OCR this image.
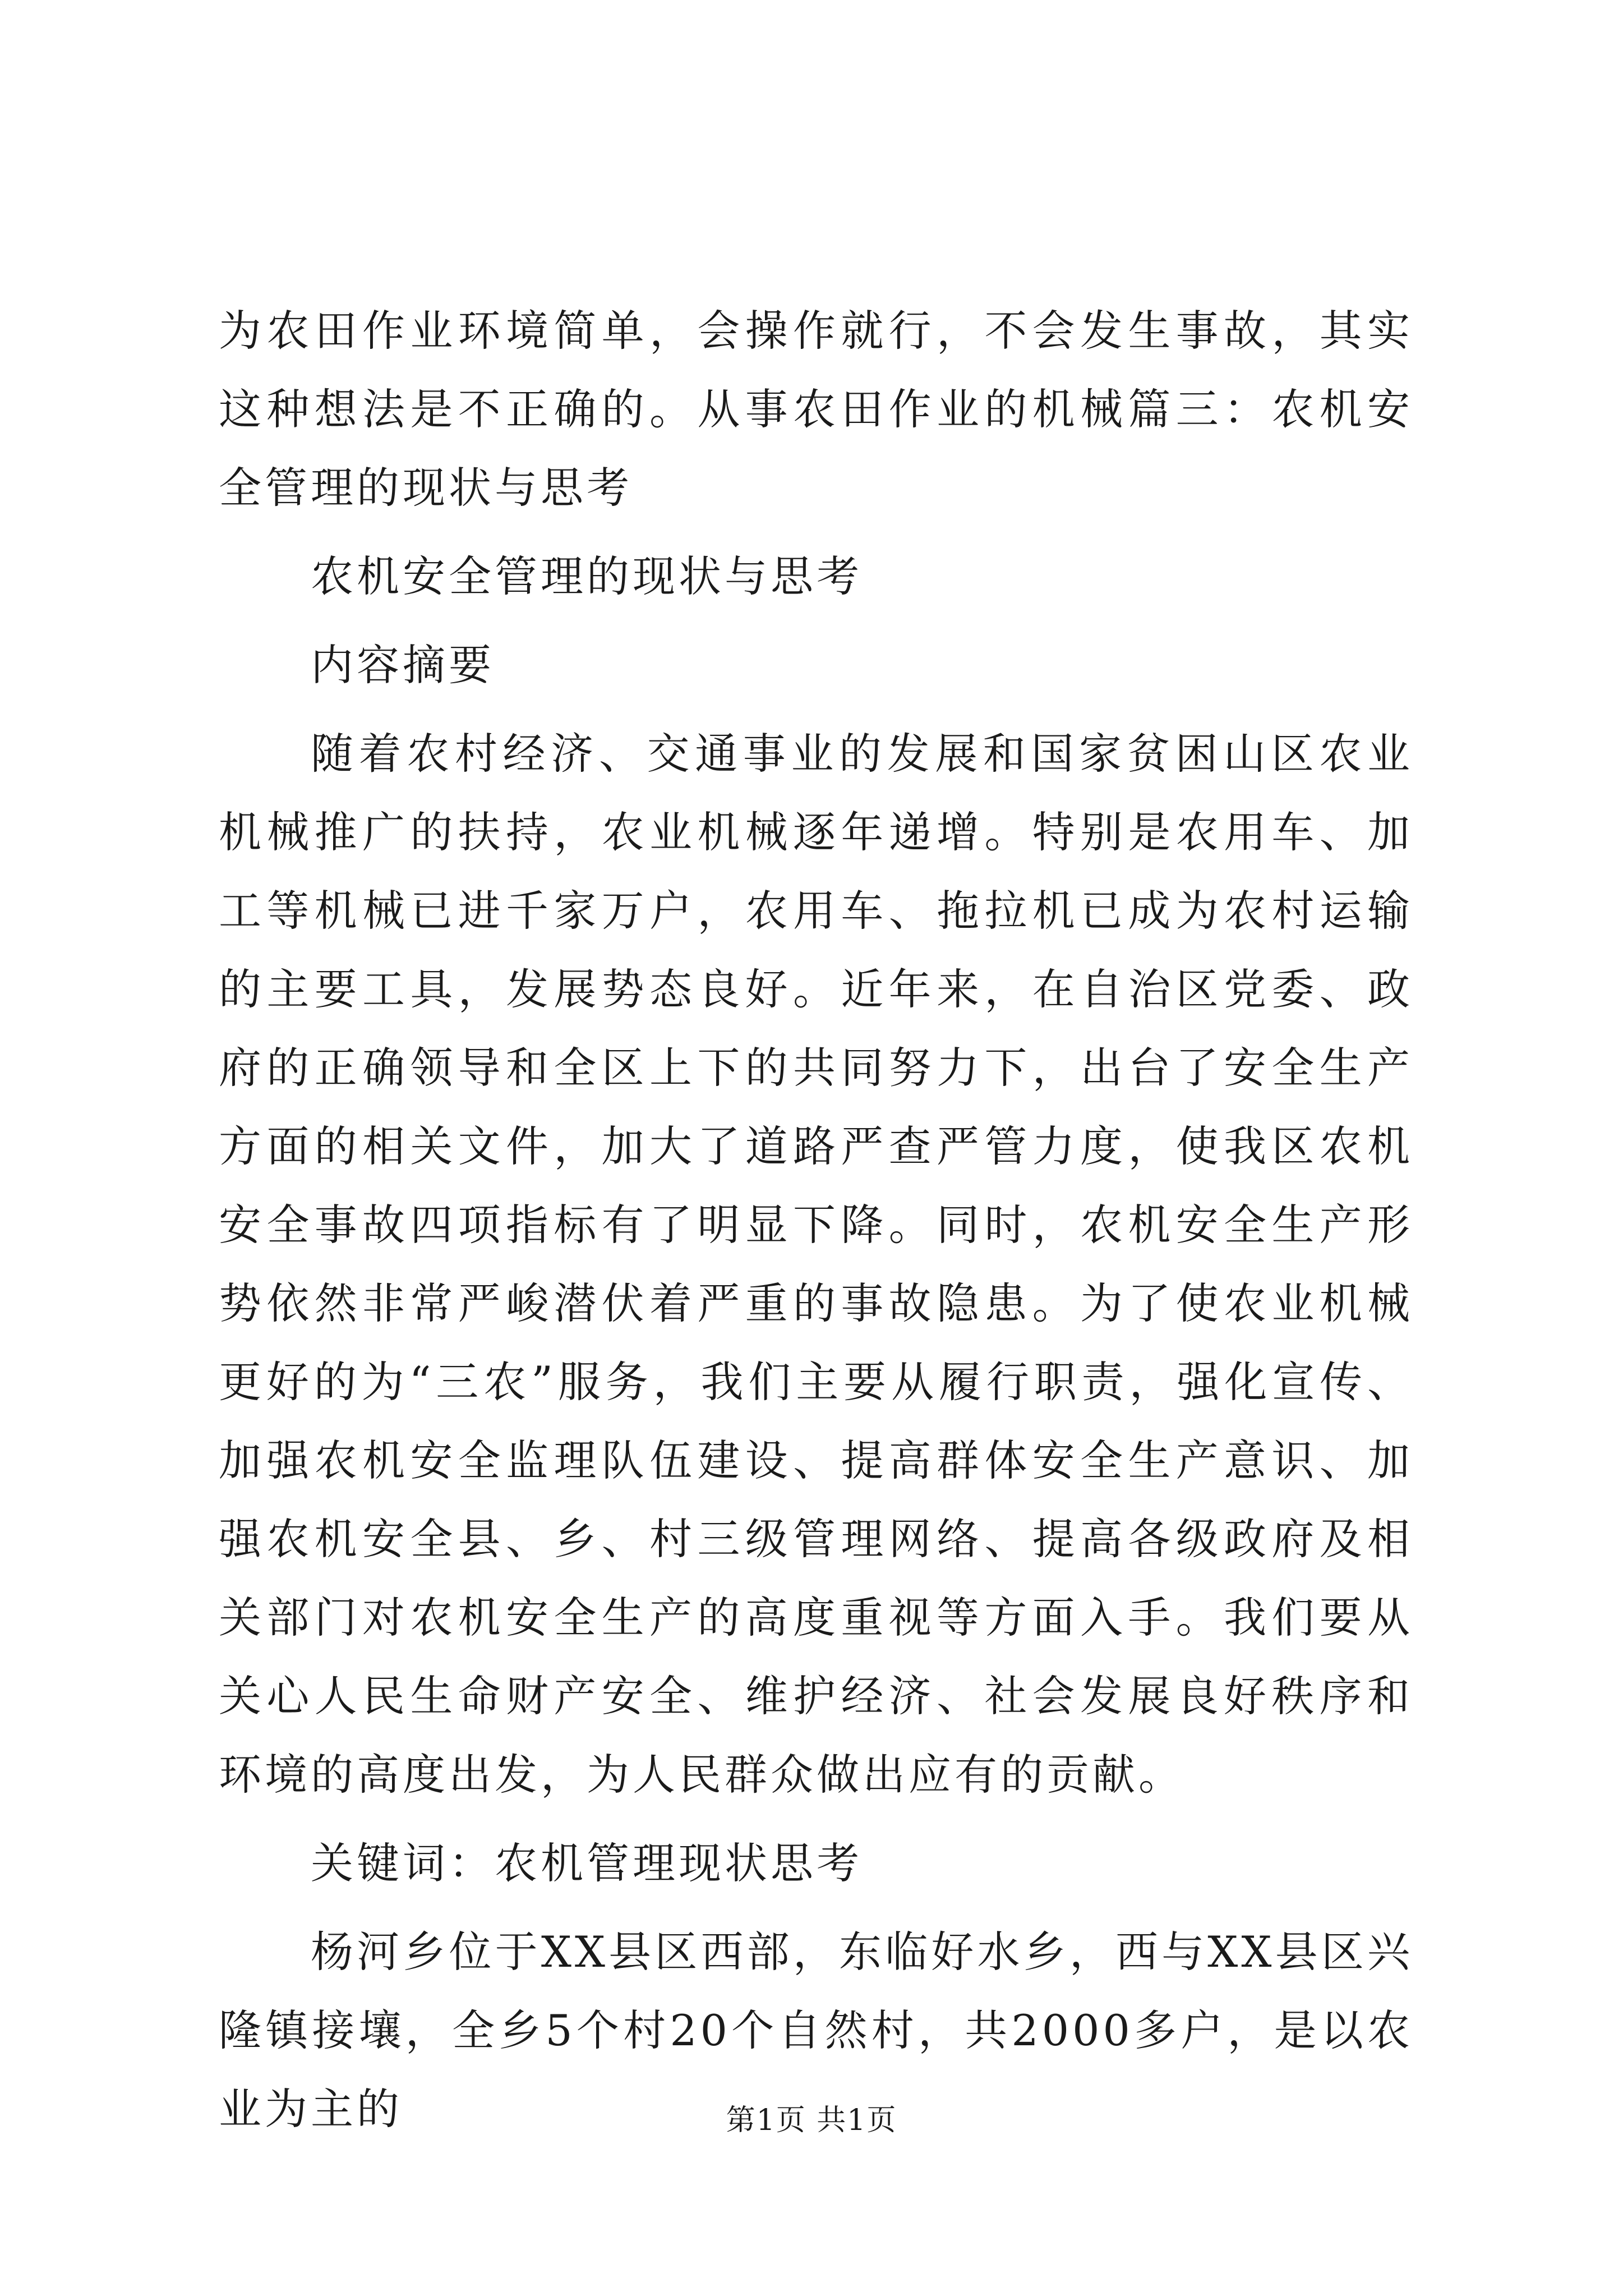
为农田作业环境简单，会操作就行，不会发生事故，其实这种想法是不正确的。从事农田作业的机械篇三：农机安全管理的现状与思考

农机安全管理的现状与思考

内容摘要

随着农村经济、交通事业的发展和国家贫困山区农业机械推广的扶持，农业机械逐年递增。特别是农用车、加工等机械已进千家万户，农用车、拖拉机已成为农村运输的主要工具，发展势态良好。近年来，在自治区党委、政府的正确领导和全区上下的共同努力下，出台了安全生产方面的相关文件，加大了道路严查严管力度，使我区农机安全事故四项指标有了明显下降。同时，农机安全生产形势依然非常严峻潜伏着严重的事故隐患。为了使农业机械更好的为“三农”服务，我们主要从履行职责，强化宣传、加强农机安全监理队伍建设、提高群体安全生产意识、加强农机安全县、乡、村三级管理网络、提高各级政府及相关部门对农机安全生产的高度重视等方面入手。我们要从关心人民生命财产安全、维护经济、社会发展良好秩序和环境的高度出发，为人民群众做出应有的贡献。

关键词：农机管理现状思考

杨河乡位于XX县区西部，东临好水乡，西与XX县区兴隆镇接壤，全乡5个村20个自然村，共2000多户，是以农业为主的	第1页 共1页
